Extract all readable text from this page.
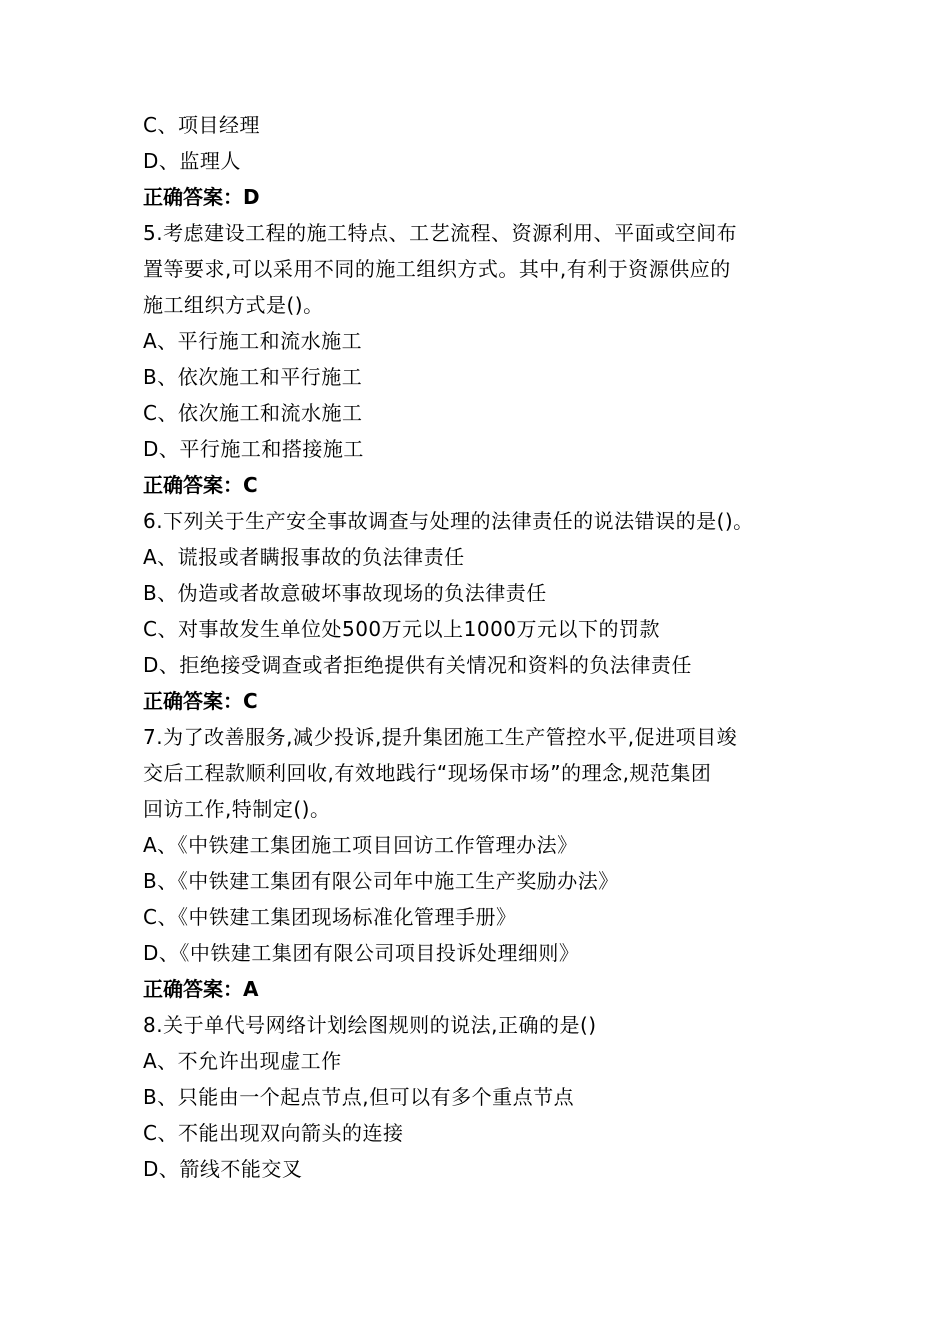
C、项目经理
D、监理人
正确答案：D
5.考虑建设工程的施工特点、工艺流程、资源利用、平面或空间布
置等要求,可以采用不同的施工组织方式。其中,有利于资源供应的
施工组织方式是()。
A、平行施工和流水施工
B、依次施工和平行施工
C、依次施工和流水施工
D、平行施工和搭接施工
正确答案：C
6.下列关于生产安全事故调查与处理的法律责任的说法错误的是()。
A、谎报或者瞒报事故的负法律责任
B、伪造或者故意破坏事故现场的负法律责任
C、对事故发生单位处500万元以上1000万元以下的罚款
D、拒绝接受调查或者拒绝提供有关情况和资料的负法律责任
正确答案：C
7.为了改善服务,减少投诉,提升集团施工生产管控水平,促进项目竣
交后工程款顺利回收,有效地践行“现场保市场”的理念,规范集团
回访工作,特制定()。
A、《中铁建工集团施工项目回访工作管理办法》
B、《中铁建工集团有限公司年中施工生产奖励办法》
C、《中铁建工集团现场标准化管理手册》
D、《中铁建工集团有限公司项目投诉处理细则》
正确答案：A
8.关于单代号网络计划绘图规则的说法,正确的是()
A、不允许出现虚工作
B、只能由一个起点节点,但可以有多个重点节点
C、不能出现双向箭头的连接
D、箭线不能交叉
